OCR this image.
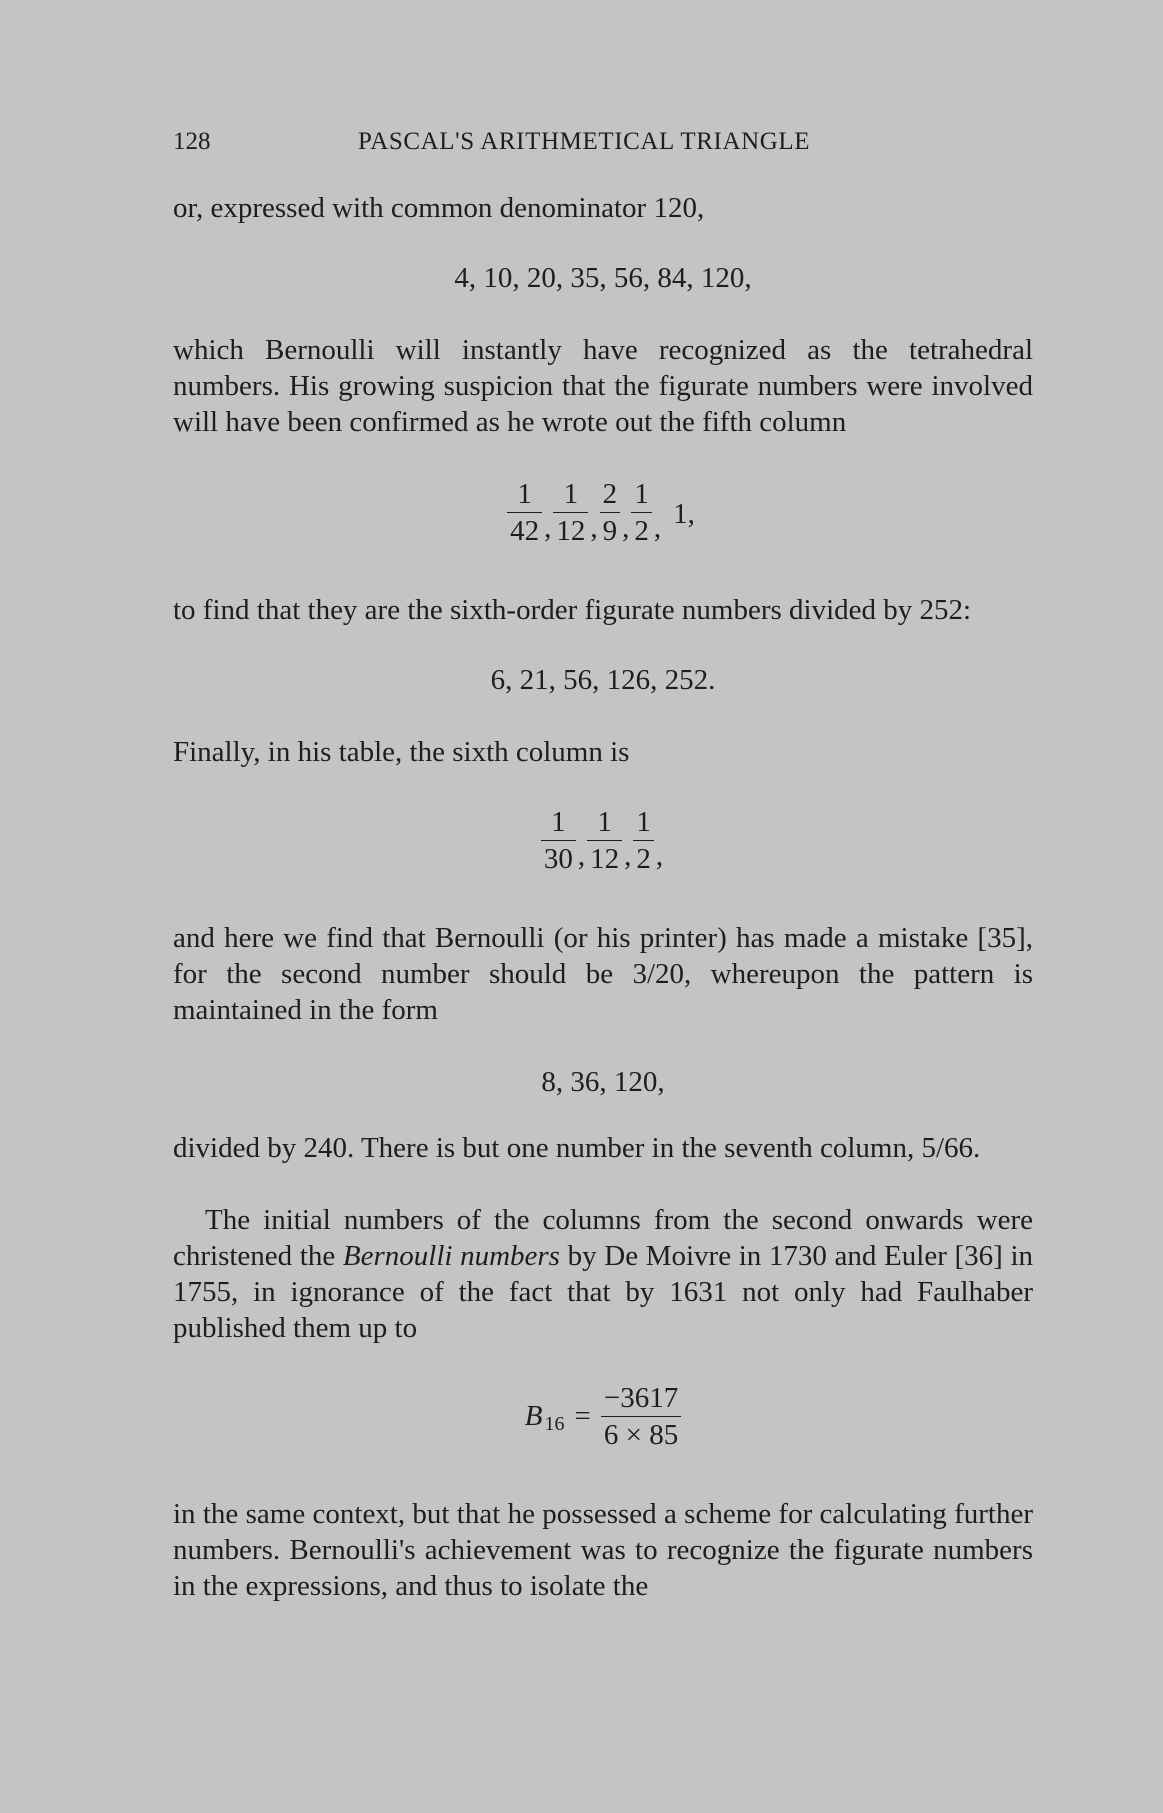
128	PASCAL'S ARITHMETICAL TRIANGLE

or, expressed with common denominator 120,

4, 10, 20, 35, 56, 84, 120,

which Bernoulli will instantly have recognized as the tetrahedral numbers. His growing suspicion that the figurate numbers were involved will have been confirmed as he wrote out the fifth column

$\frac{1}{42}$ , $\frac{1}{12}$ , $\frac{2}{9}$ , $\frac{1}{2}$ , 1,

to find that they are the sixth-order figurate numbers divided by 252:

6, 21, 56, 126, 252.

Finally, in his table, the sixth column is

$\frac{1}{30}$ , $\frac{1}{12}$ , $\frac{1}{2}$ ,

and here we find that Bernoulli (or his printer) has made a mistake [35], for the second number should be 3/20, whereupon the pattern is maintained in the form

8, 36, 120,

divided by 240. There is but one number in the seventh column, 5/66.

The initial numbers of the columns from the second onwards were christened the Bernoulli numbers by De Moivre in 1730 and Euler [36] in 1755, in ignorance of the fact that by 1631 not only had Faulhaber published them up to

B $16 = \frac{-3617}{6 \times 85}$

in the same context, but that he possessed a scheme for calculating further numbers. Bernoulli's achievement was to recognize the figurate numbers in the expressions, and thus to isolate the
